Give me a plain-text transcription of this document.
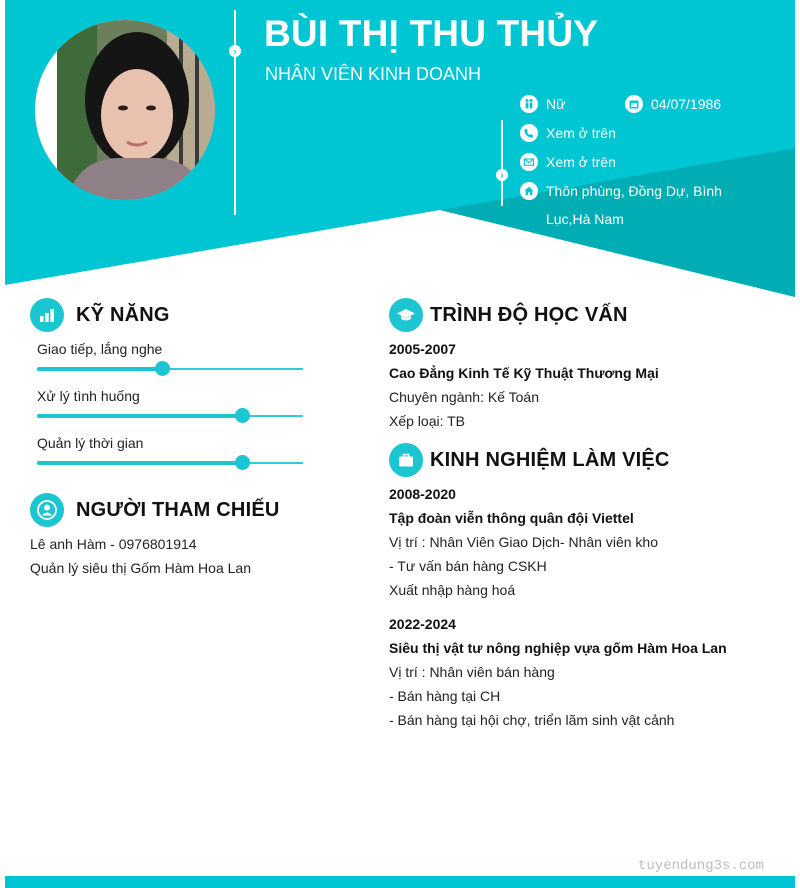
› BÙI THỊ THU THỦY
NHÂN VIÊN KINH DOANH
›
Nữ	04/07/1986
Xem ở trên
Xem ở trên
Thôn phùng, Đồng Dự, Bình Lục,Hà Nam
KỸ NĂNG
Giao tiếp, lắng nghe
Xử lý tình huống
Quản lý thời gian
NGƯỜI THAM CHIẾU
Lê anh Hàm - 0976801914
Quản lý siêu thị Gốm Hàm Hoa Lan
TRÌNH ĐỘ HỌC VẤN
2005-2007
Cao Đẳng Kinh Tế Kỹ Thuật Thương Mại
Chuyên ngành: Kế Toán
Xếp loại: TB
KINH NGHIỆM LÀM VIỆC
2008-2020
Tập đoàn viễn thông quân đội Viettel
Vị trí : Nhân Viên Giao Dịch- Nhân viên kho
- Tư vấn bán hàng CSKH
Xuất nhập hàng hoá
2022-2024
Siêu thị vật tư nông nghiệp vựa gốm Hàm Hoa Lan
Vị trí : Nhân viên bán hàng
- Bán hàng tại CH
- Bán hàng tại hội chợ, triển lãm sinh vật cảnh
tuyendung3s.com
